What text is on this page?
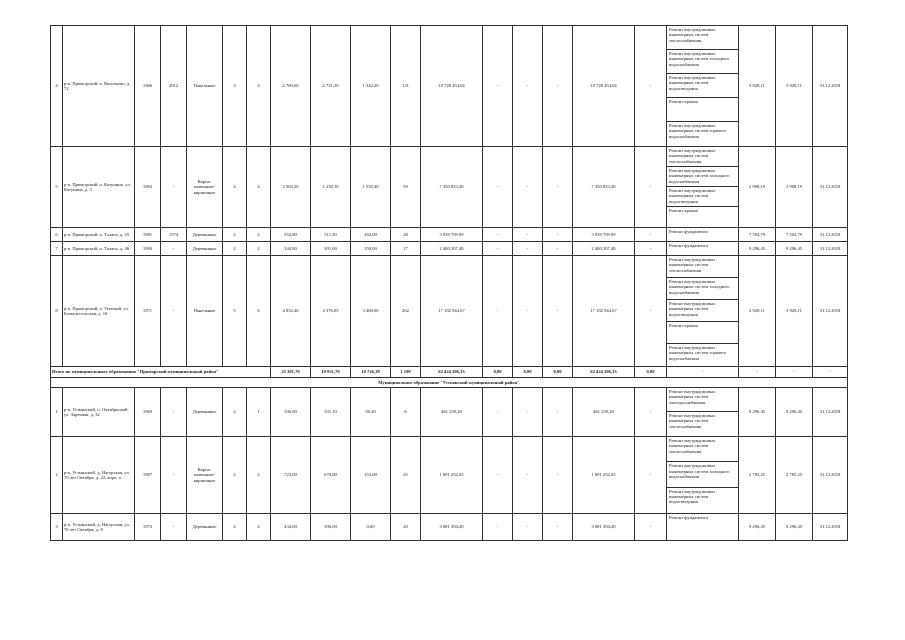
4	р-к. Приморский, п. Васильево, д. 72	1966	2012	Панельные	3	4	2 769,60	2 731,20	1 342,20	131	10 728 454,04	-	-	-	10 728 454,04	-	Ремонт внутридомовых инженерных систем теплоснабжения
Ремонт внутридомовых инженерных систем холодного водоснабжения
Ремонт внутридомовых инженерных систем водоотведения
Ремонт крыши
Ремонт внутридомовых инженерных систем горячего водоснабжения	3 928,11	3 928,11	31.12.2018
5	р-к. Приморский, п. Катунино, ул. Катунина, д. 3	1963	-	Кирпо-каменные/кирпичные	4	4	2 563,20	1 238,10	1 535,40	59	7 350 853,20	-	-	-	7 350 853,20	-	Ремонт внутридомовых инженерных систем теплоснабжения
Ремонт внутридомовых инженерных систем холодного водоснабжения
Ремонт внутридомовых инженерных систем водоотведения
Ремонт крыши	2 908,19	2 908,19	31.12.2018
6	р-к. Приморский, п. Талаги, д. 25	1981	1974	Деревянные	2	2	552,80	511,50	262,00	28	3 039 709,99	-	-	-	3 039 709,99	-	Ремонт фундамента	7 504,79	7 504,79	31.12.2018
7	р-к. Приморский, п. Талаги, д. 46	1994	-	Деревянные	2	2	344,80	301,00	150,00	17	2 400 207,48	-	-	-	2 400 207,48	-	Ремонт фундамента	9 296,45	9 296,45	31.12.2018
8	р-к. Приморский, п. Уемский, ул. Большесельская, д. 16	1971	-	Панельные	5	6	4 832,40	4 376,05	3 400,00	262	17 182 944,67	-	-	-	17 182 944,67	-	Ремонт внутридомовых инженерных систем теплоснабжения
Ремонт внутридомовых инженерных систем холодного водоснабжения
Ремонт внутридомовых инженерных систем водоотведения
Ремонт крыши
Ремонт внутридомовых инженерных систем горячего водоснабжения	3 928,11	3 928,11	31.12.2018
Итого по муниципальному образованию "Приморский муниципальный район"							25 301,70	19 931,70	10 726,38	1 199	62 424 206,33	0,00	0,00	0,00	62 424 206,33	0,00	-	-	-	-
Муниципальное образование "Устьянский муниципальный район"																				
1	р-к. Устьянский, п. Октябрьский, ул. Заречная, д. 32	1969	-	Деревянные	2	1	336,00	331,10	56,20	6	461 239,20	-	-	-	461 239,20	-	Ремонт внутридомовых инженерных систем электроснабжения
Ремонт внутридомовых инженерных систем теплоснабжения	9 296,45	9 296,45	31.12.2018
2	р-к. Устьянский, д. Нагорская, ул. 70 лет Октября, д. 22, корп. а	1987	-	Кирпо-каменные/кирпичные	2	2	723,00	670,00	153,00	45	1 891 252,65	-	-	-	1 891 252,65	-	Ремонт внутридомовых инженерных систем теплоснабжения
Ремонт внутридомовых инженерных систем холодного водоснабжения
Ремонт внутридомовых инженерных систем водоотведения	2 785,25	2 785,25	31.12.2018
3	р-к. Устьянский, д. Нагорская, ул. 70 лет Октября, д. 8	1973	-	Деревянные	2	2	434,00	396,00	0,00	20	3 681 394,20	-	-	-	3 681 394,20	-	Ремонт фундамента	9 296,45	9 296,45	31.12.2018
